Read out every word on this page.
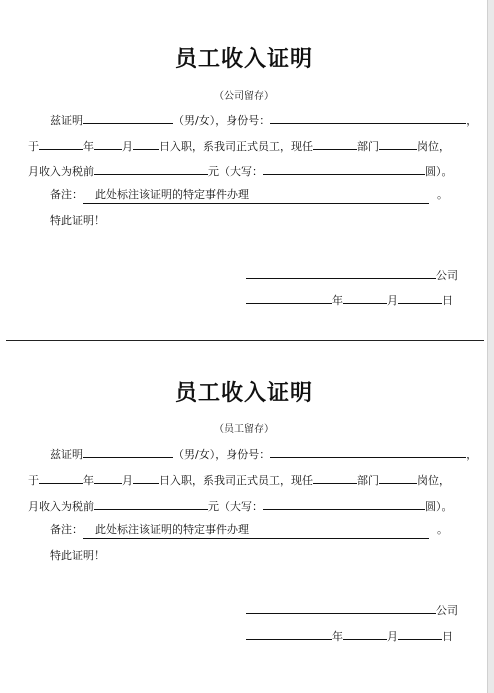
员工收入证明
（公司留存）
兹证明	（男/女），身份号：	，
于	年	月 日入职，系我司正式员工，现任	部门	岗位，
月收入为税前	元（大写：	圆）。
备注： 此处标注该证明的特定事件办理	。
特此证明！
公司
年	月	日
员工收入证明
（员工留存）
兹证明	（男/女），身份号：	，
于	年	月 日入职，系我司正式员工，现任	部门	岗位，
月收入为税前	元（大写：	圆）。
备注： 此处标注该证明的特定事件办理	。
特此证明！
公司
年	月	日
